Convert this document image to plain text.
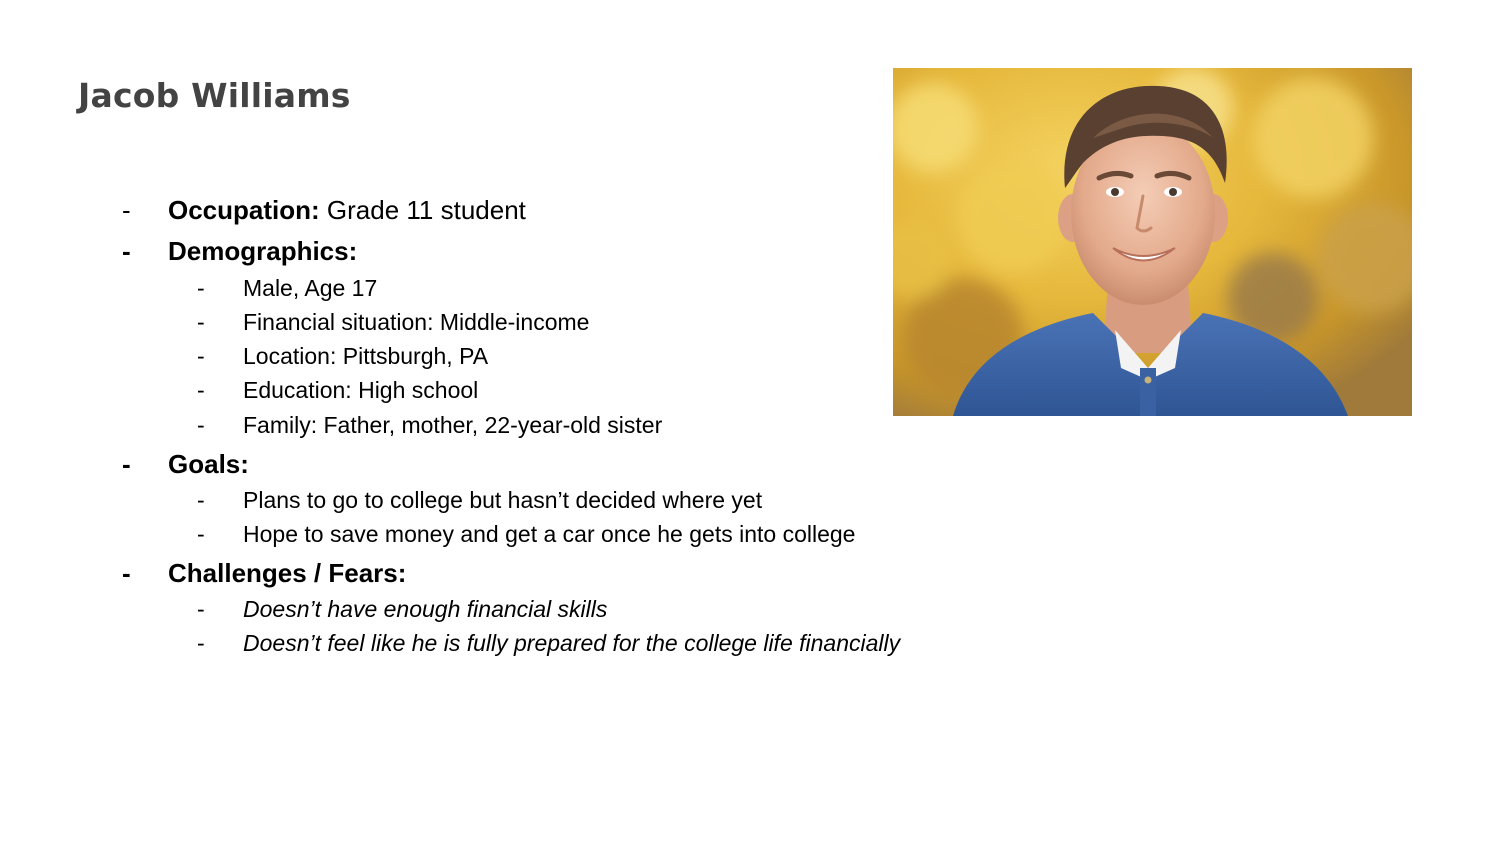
Jacob Williams
- Occupation: Grade 11 student
- Demographics:
- Male, Age 17
- Financial situation: Middle-income
- Location: Pittsburgh, PA
- Education: High school
- Family: Father, mother, 22-year-old sister
- Goals:
- Plans to go to college but hasn’t decided where yet
- Hope to save money and get a car once he gets into college
- Challenges / Fears:
- Doesn’t have enough financial skills
- Doesn’t feel like he is fully prepared for the college life financially
